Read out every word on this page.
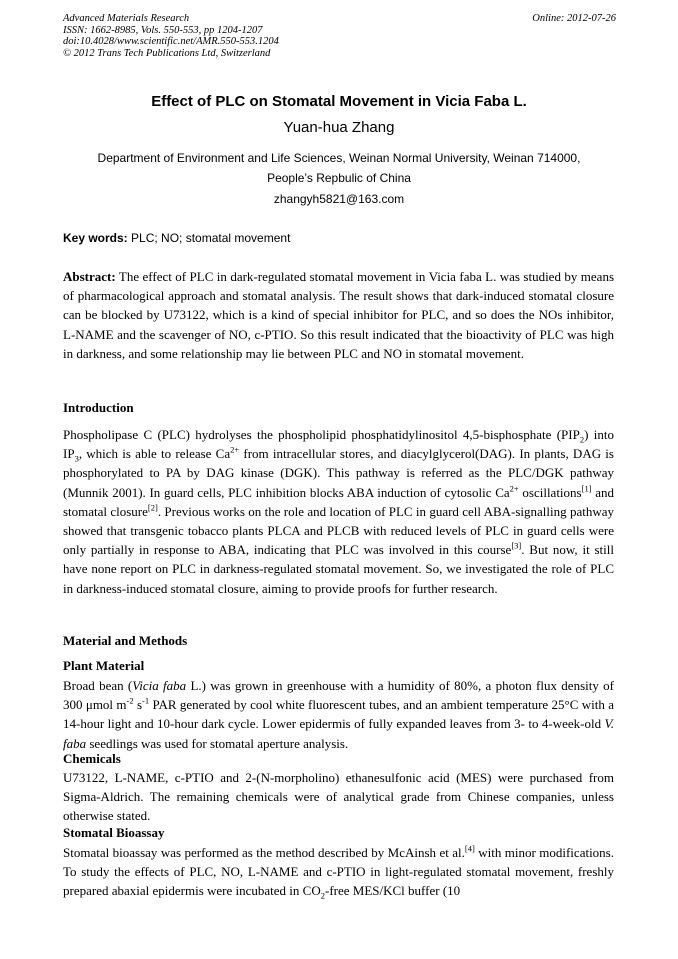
Advanced Materials Research
ISSN: 1662-8985, Vols. 550-553, pp 1204-1207
doi:10.4028/www.scientific.net/AMR.550-553.1204
© 2012 Trans Tech Publications Ltd, Switzerland
Online: 2012-07-26
Effect of PLC on Stomatal Movement in Vicia Faba L.
Yuan-hua Zhang
Department of Environment and Life Sciences, Weinan Normal University, Weinan 714000,
People’s Repbulic of China
zhangyh5821@163.com
Key words: PLC; NO; stomatal movement

Abstract: The effect of PLC in dark-regulated stomatal movement in Vicia faba L. was studied by means of pharmacological approach and stomatal analysis. The result shows that dark-induced stomatal closure can be blocked by U73122, which is a kind of special inhibitor for PLC, and so does the NOs inhibitor, L-NAME and the scavenger of NO, c-PTIO. So this result indicated that the bioactivity of PLC was high in darkness, and some relationship may lie between PLC and NO in stomatal movement.

Introduction

Phospholipase C (PLC) hydrolyses the phospholipid phosphatidylinositol 4,5-bisphosphate $(PIP_2)$ into $IP_3$, which is able to release $Ca^{2+}$ from intracellular stores, and diacylglycerol(DAG). In plants, DAG is phosphorylated to PA by DAG kinase (DGK). This pathway is referred as the PLC/DGK pathway (Munnik 2001). In guard cells, PLC inhibition blocks ABA induction of cytosolic $Ca^{2+}$ oscillations[1] and stomatal closure[2]. Previous works on the role and location of PLC in guard cell ABA-signalling pathway showed that transgenic tobacco plants PLCA and PLCB with reduced levels of PLC in guard cells were only partially in response to ABA, indicating that PLC was involved in this course[3]. But now, it still have none report on PLC in darkness-regulated stomatal movement. So, we investigated the role of PLC in darkness-induced stomatal closure, aiming to provide proofs for further research.

Material and Methods
Plant Material

Broad bean (Vicia faba L.) was grown in greenhouse with a humidity of 80%, a photon flux density of 300 μmol $m^{-2}$ $s^{-1}$ PAR generated by cool white fluorescent tubes, and an ambient temperature 25°C with a 14-hour light and 10-hour dark cycle. Lower epidermis of fully expanded leaves from 3- to 4-week-old V. faba seedlings was used for stomatal aperture analysis.

Chemicals

U73122, L-NAME, c-PTIO and 2-(N-morpholino) ethanesulfonic acid (MES) were purchased from Sigma-Aldrich. The remaining chemicals were of analytical grade from Chinese companies, unless otherwise stated.

Stomatal Bioassay

Stomatal bioassay was performed as the method described by McAinsh et al.[4] with minor modifications. To study the effects of PLC, NO, L-NAME and c-PTIO in light-regulated stomatal movement, freshly prepared abaxial epidermis were incubated in $CO_2$-free MES/KCl buffer (10
